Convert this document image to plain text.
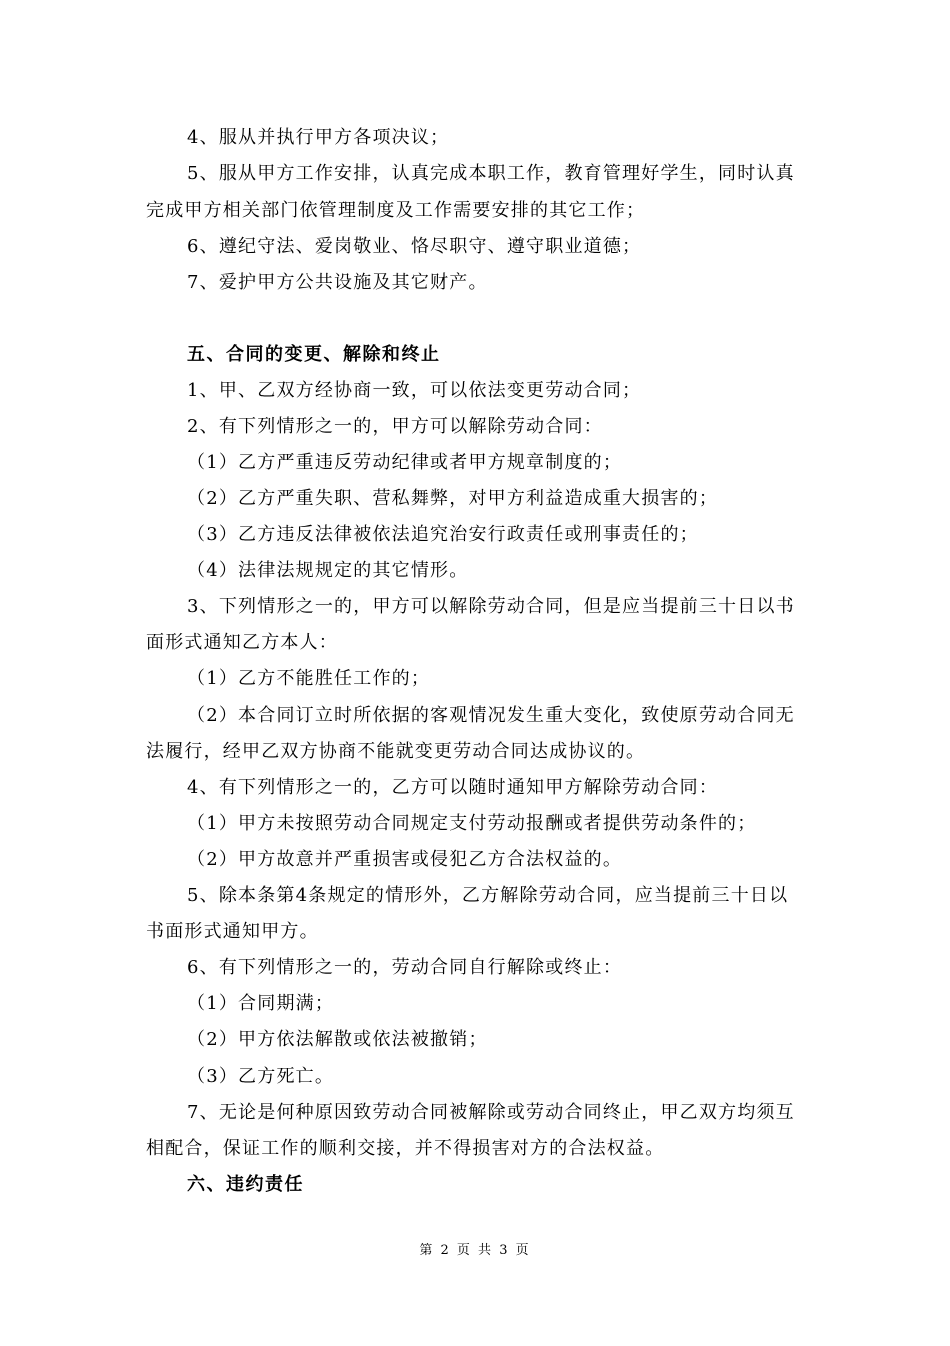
4、服从并执行甲方各项决议；
5、服从甲方工作安排，认真完成本职工作，教育管理好学生，同时认真
完成甲方相关部门依管理制度及工作需要安排的其它工作；
6、遵纪守法、爱岗敬业、恪尽职守、遵守职业道德；
7、爱护甲方公共设施及其它财产。
五、合同的变更、解除和终止
1、甲、乙双方经协商一致，可以依法变更劳动合同；
2、有下列情形之一的，甲方可以解除劳动合同：
（1）乙方严重违反劳动纪律或者甲方规章制度的；
（2）乙方严重失职、营私舞弊，对甲方利益造成重大损害的；
（3）乙方违反法律被依法追究治安行政责任或刑事责任的；
（4）法律法规规定的其它情形。
3、下列情形之一的，甲方可以解除劳动合同，但是应当提前三十日以书
面形式通知乙方本人：
（1）乙方不能胜任工作的；
（2）本合同订立时所依据的客观情况发生重大变化，致使原劳动合同无
法履行，经甲乙双方协商不能就变更劳动合同达成协议的。
4、有下列情形之一的，乙方可以随时通知甲方解除劳动合同：
（1）甲方未按照劳动合同规定支付劳动报酬或者提供劳动条件的；
（2）甲方故意并严重损害或侵犯乙方合法权益的。
5、除本条第4条规定的情形外，乙方解除劳动合同，应当提前三十日以
书面形式通知甲方。
6、有下列情形之一的，劳动合同自行解除或终止：
（1）合同期满；
（2）甲方依法解散或依法被撤销；
（3）乙方死亡。
7、无论是何种原因致劳动合同被解除或劳动合同终止，甲乙双方均须互
相配合，保证工作的顺利交接，并不得损害对方的合法权益。
六、违约责任
第 2 页 共 3 页
